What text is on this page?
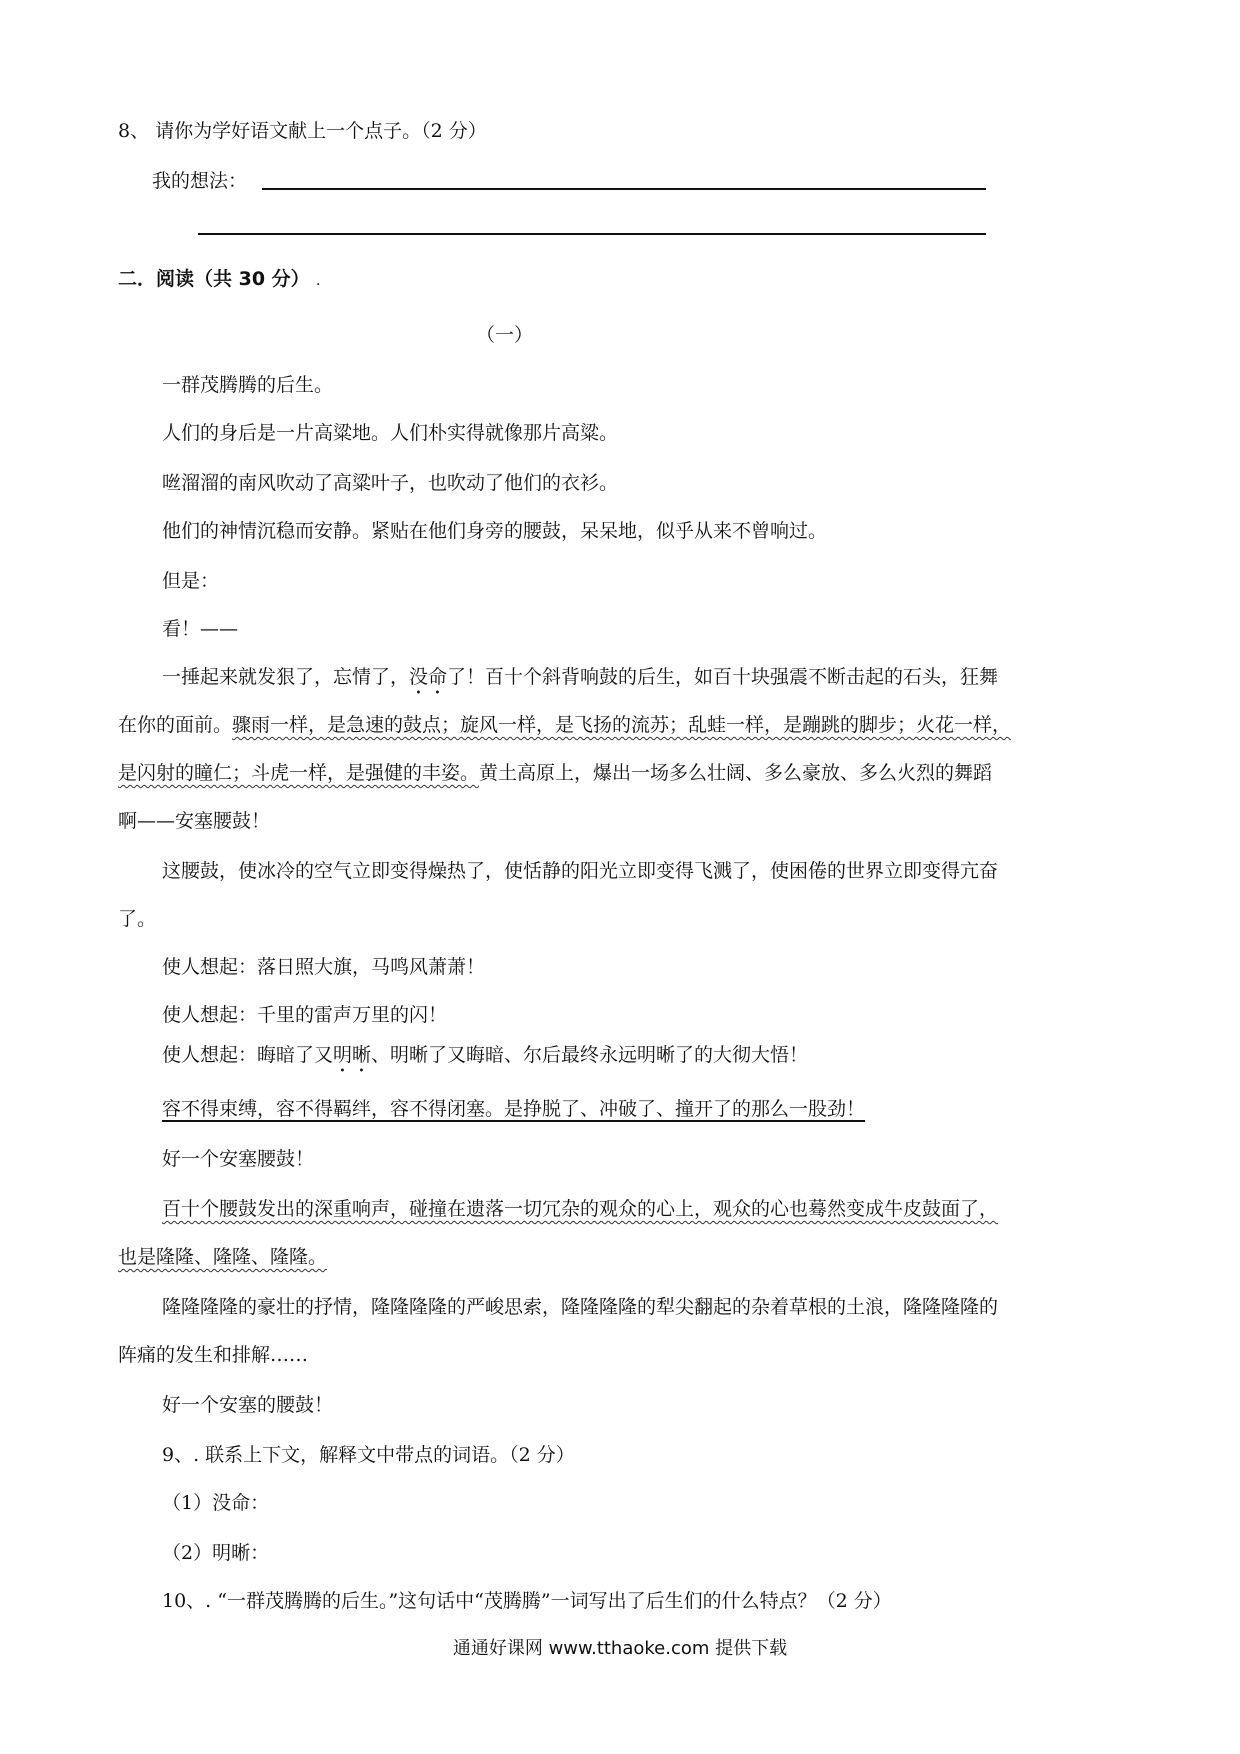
8、 请你为学好语文献上一个点子。（2 分）
我的想法：
二．阅读（共 30 分） .
（一）
一群茂腾腾的后生。
人们的身后是一片高粱地。人们朴实得就像那片高粱。
咝溜溜的南风吹动了高粱叶子，也吹动了他们的衣衫。
他们的神情沉稳而安静。紧贴在他们身旁的腰鼓，呆呆地，似乎从来不曾响过。
但是：
看！——
一捶起来就发狠了，忘情了，没命了！百十个斜背响鼓的后生，如百十块强震不断击起的石头，狂舞
在你的面前。骤雨一样，是急速的鼓点；旋风一样，是飞扬的流苏；乱蛙一样，是蹦跳的脚步；火花一样，
是闪射的瞳仁；斗虎一样，是强健的丰姿。黄土高原上，爆出一场多么壮阔、多么豪放、多么火烈的舞蹈
啊——安塞腰鼓！
这腰鼓，使冰冷的空气立即变得燥热了，使恬静的阳光立即变得飞溅了，使困倦的世界立即变得亢奋
了。
使人想起：落日照大旗，马鸣风萧萧！
使人想起：千里的雷声万里的闪！
使人想起：晦暗了又明晰、明晰了又晦暗、尔后最终永远明晰了的大彻大悟！
容不得束缚，容不得羁绊，容不得闭塞。是挣脱了、冲破了、撞开了的那么一股劲！
好一个安塞腰鼓！
百十个腰鼓发出的深重响声，碰撞在遗落一切冗杂的观众的心上，观众的心也蓦然变成牛皮鼓面了，
也是隆隆、隆隆、隆隆。
隆隆隆隆的豪壮的抒情，隆隆隆隆的严峻思索，隆隆隆隆的犁尖翻起的杂着草根的土浪，隆隆隆隆的
阵痛的发生和排解……
好一个安塞的腰鼓！
9、. 联系上下文，解释文中带点的词语。（2 分）
（1）没命：
（2）明晰：
10、. “一群茂腾腾的后生。”这句话中“茂腾腾”一词写出了后生们的什么特点？（2 分）
通通好课网 www.tthaoke.com 提供下载
